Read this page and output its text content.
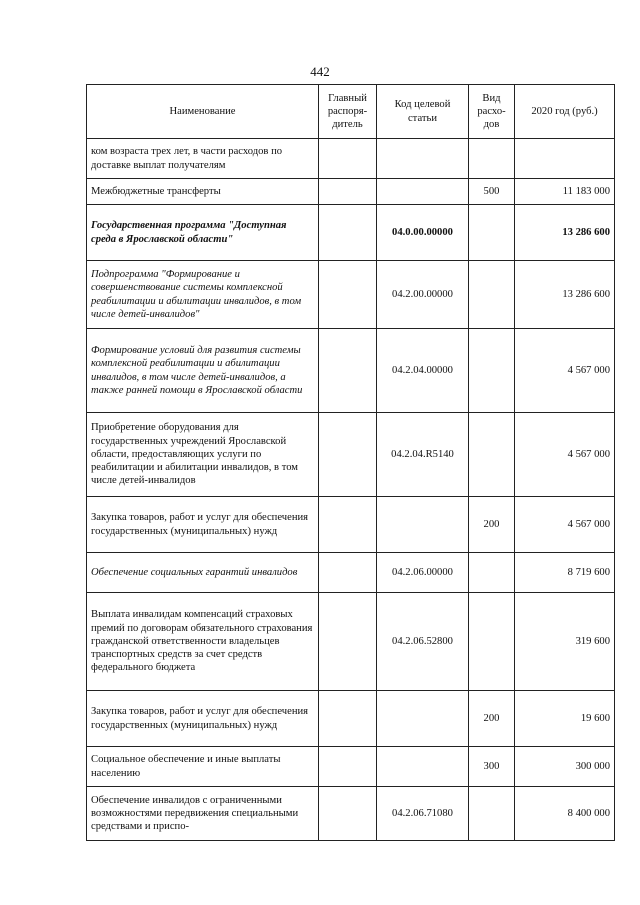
442
Наименование	Главный распоря-дитель	Код целевой статьи	Вид расхо-дов	2020 год (руб.)
ком возраста трех лет, в части расходов по доставке выплат получателям				
Межбюджетные трансферты			500	11 183 000
Государственная программа "Доступная среда в Ярославской области"		04.0.00.00000		13 286 600
Подпрограмма "Формирование и совершенствование системы комплексной реабилитации и абилитации инвалидов, в том числе детей-инвалидов"		04.2.00.00000		13 286 600
Формирование условий для развития системы комплексной реабилитации и абилитации инвалидов, в том числе детей-инвалидов, а также ранней помощи в Ярославской области		04.2.04.00000		4 567 000
Приобретение оборудования для государственных учреждений Ярославской области, предоставляющих услуги по реабилитации и абилитации инвалидов, в том числе детей-инвалидов		04.2.04.R5140		4 567 000
Закупка товаров, работ и услуг для обеспечения государственных (муниципальных) нужд			200	4 567 000
Обеспечение социальных гарантий инвалидов		04.2.06.00000		8 719 600
Выплата инвалидам компенсаций страховых премий по договорам обязательного страхования гражданской ответственности владельцев транспортных средств за счет средств федерального бюджета		04.2.06.52800		319 600
Закупка товаров, работ и услуг для обеспечения государственных (муниципальных) нужд			200	19 600
Социальное обеспечение и иные выплаты населению			300	300 000
Обеспечение инвалидов с ограниченными возможностями передвижения специальными средствами и приспо-		04.2.06.71080		8 400 000
